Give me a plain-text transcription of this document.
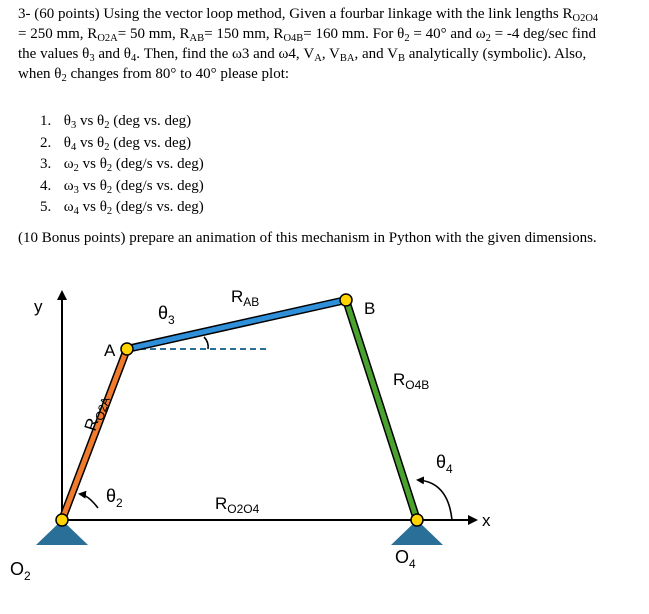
3- (60 points) Using the vector loop method, Given a fourbar linkage with the link lengths $R_{O2O4}$

= 250 mm, $R_{O2A}= 50$ mm, $R_{AB}= 150$ mm, $R_{O4B}= 160$ mm. For $\theta_2 = 40^\circ$ and $\omega_2 = -4$ deg/sec find

the values $\theta_3$ and $\theta_4$. Then, find the ω3 and ω4, $V_A$, $V_{BA}$, and $V_B$ analytically (symbolic). Also,

when $\theta_2$ changes from 80° to 40° please plot:

1. $\theta_3$ vs $\theta_2$ (deg vs. deg)
2. $\theta_4$ vs $\theta_2$ (deg vs. deg)
3. $\omega_2$ vs $\theta_2$ (deg/s vs. deg)
4. $\omega_3$ vs $\theta_2$ (deg/s vs. deg)
5. $\omega_4$ vs $\theta_2$ (deg/s vs. deg)
(10 Bonus points) prepare an animation of this mechanism in Python with the given dimensions.
y
x
A
B
$\theta_3$
$\theta_2$
$\theta_4$
$R_{AB}$
$R_{O4B}$
$R_{O2O4}$
$R_{O2A}$
$O_2$
$O_4$
